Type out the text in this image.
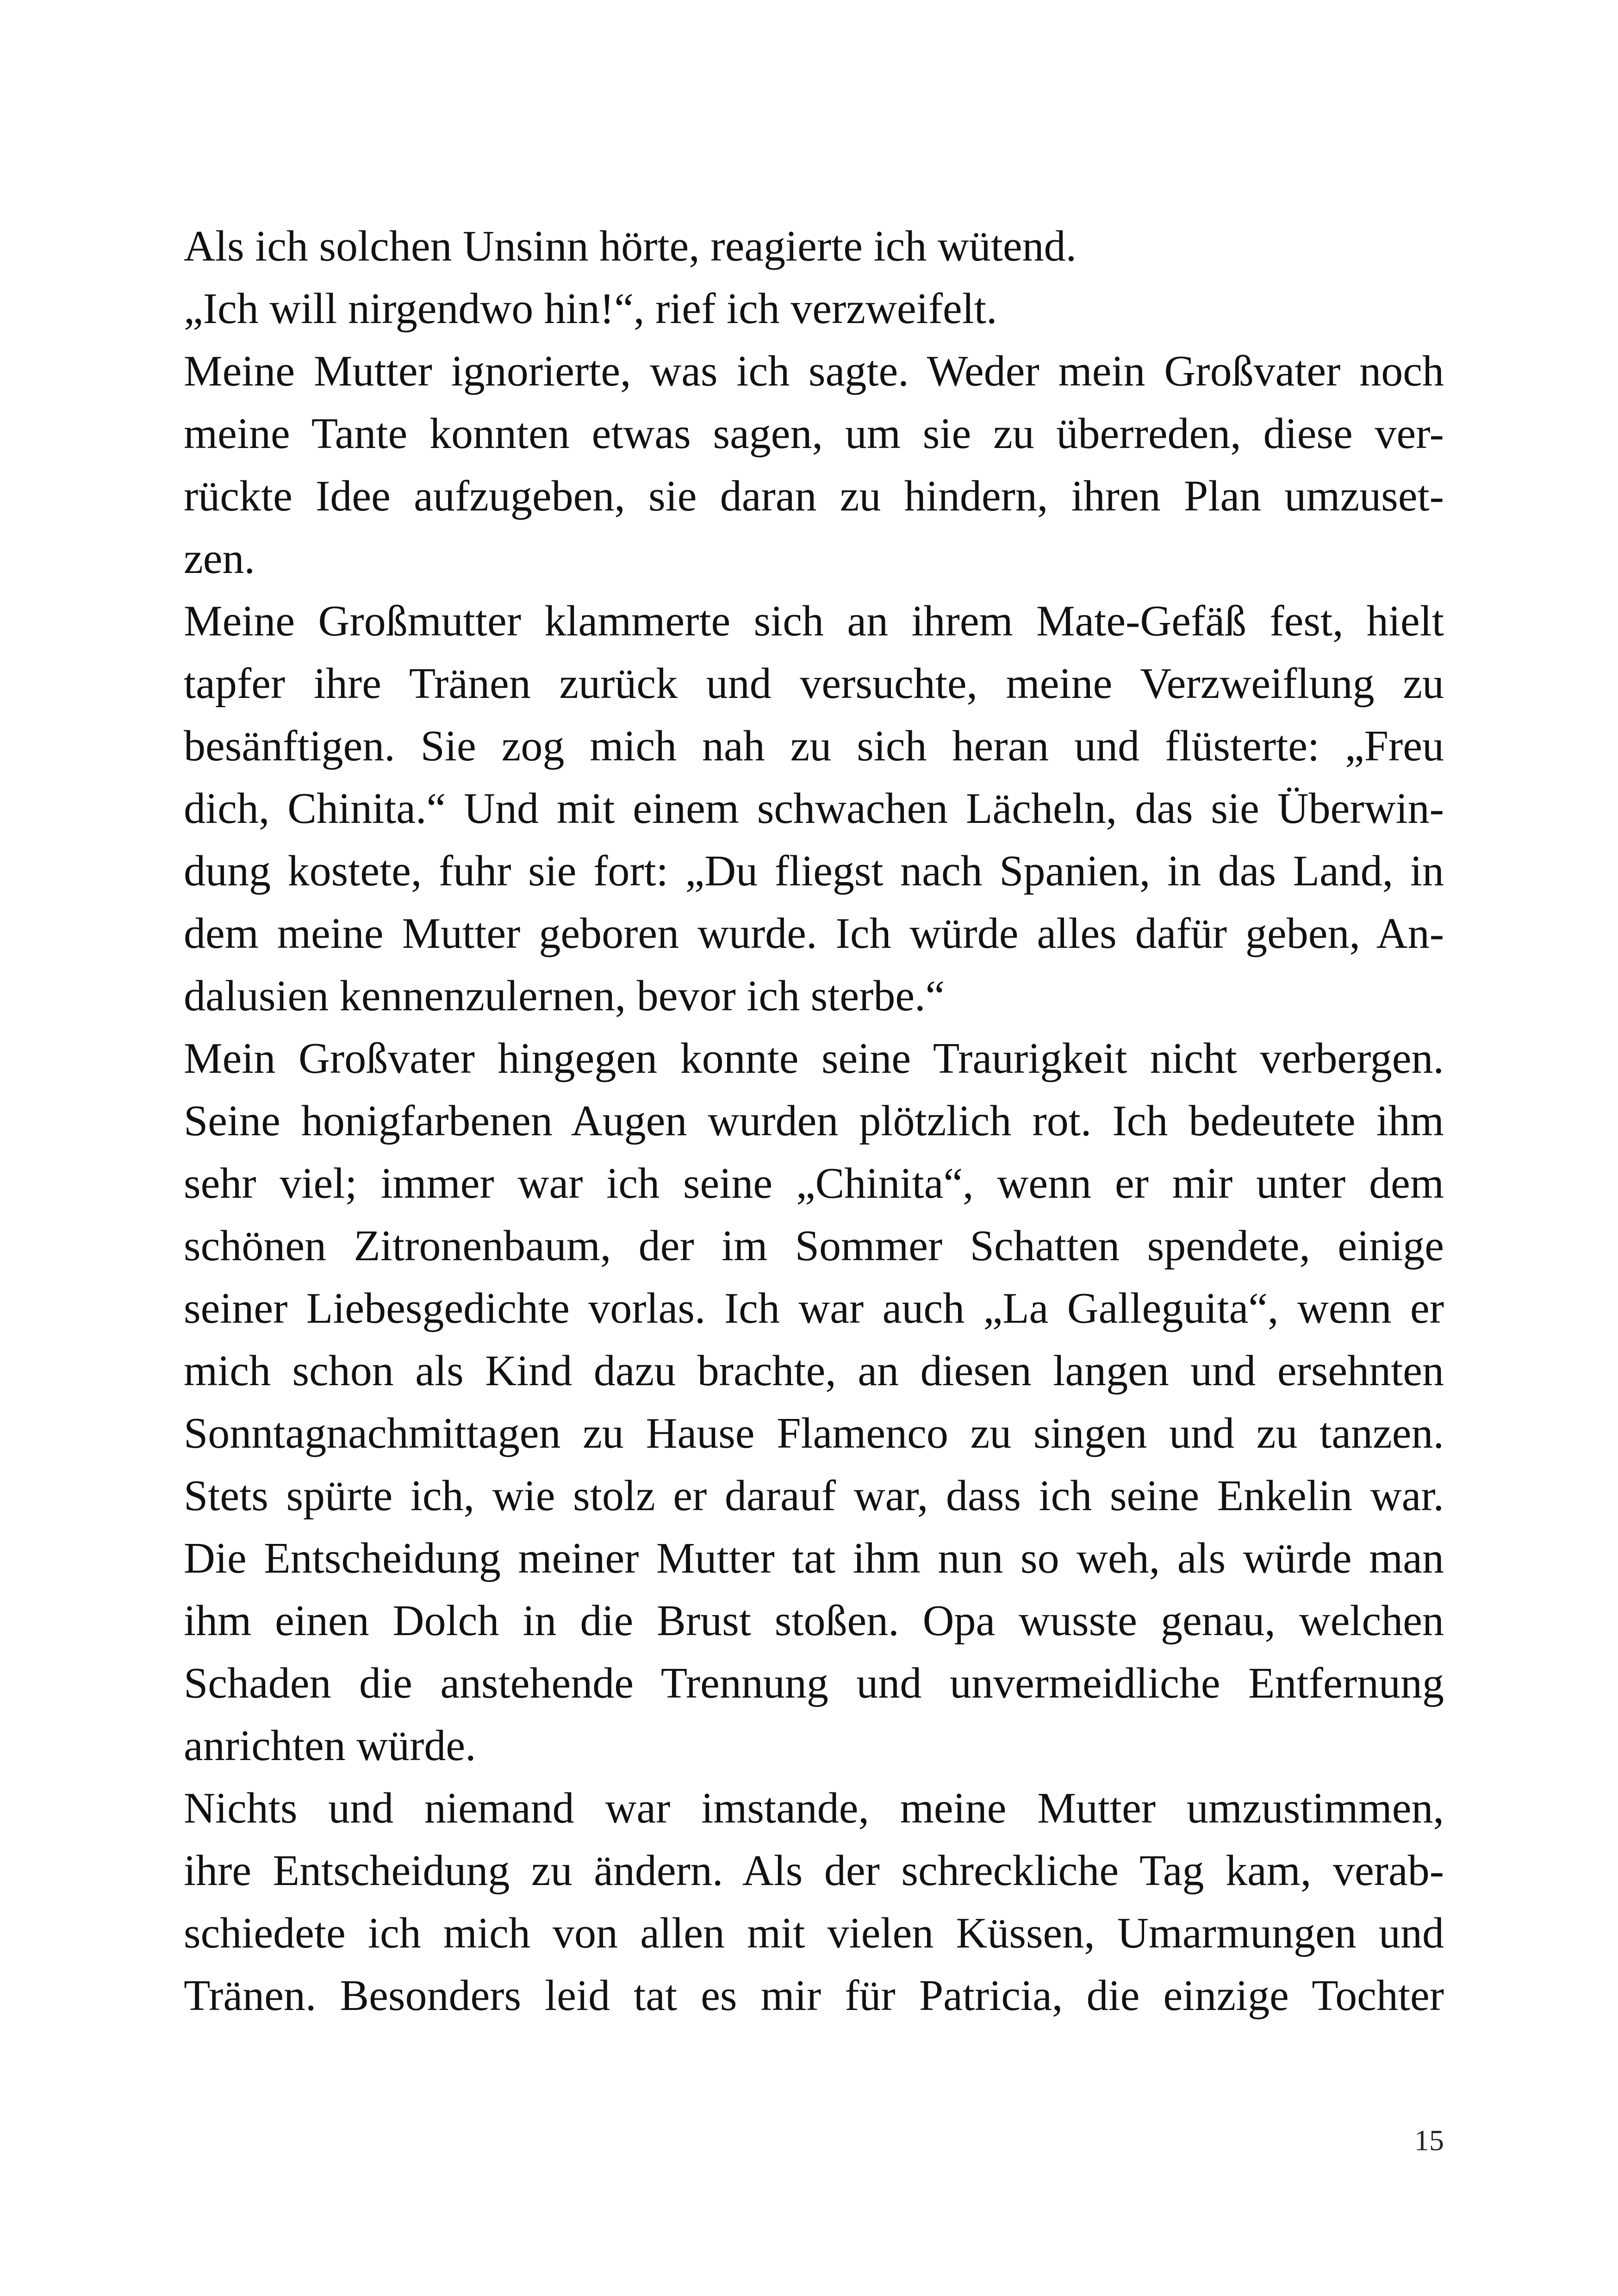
Als ich solchen Unsinn hörte, reagierte ich wütend.
„Ich will nirgendwo hin!“, rief ich verzweifelt.
Meine Mutter ignorierte, was ich sagte. Weder mein Großvater noch
meine Tante konnten etwas sagen, um sie zu überreden, diese ver-
rückte Idee aufzugeben, sie daran zu hindern, ihren Plan umzuset-
zen.
Meine Großmutter klammerte sich an ihrem Mate-Gefäß fest, hielt
tapfer ihre Tränen zurück und versuchte, meine Verzweiflung zu
besänftigen. Sie zog mich nah zu sich heran und flüsterte: „Freu
dich, Chinita.“ Und mit einem schwachen Lächeln, das sie Überwin-
dung kostete, fuhr sie fort: „Du fliegst nach Spanien, in das Land, in
dem meine Mutter geboren wurde. Ich würde alles dafür geben, An-
dalusien kennenzulernen, bevor ich sterbe.“
Mein Großvater hingegen konnte seine Traurigkeit nicht verbergen.
Seine honigfarbenen Augen wurden plötzlich rot. Ich bedeutete ihm
sehr viel; immer war ich seine „Chinita“, wenn er mir unter dem
schönen Zitronenbaum, der im Sommer Schatten spendete, einige
seiner Liebesgedichte vorlas. Ich war auch „La Galleguita“, wenn er
mich schon als Kind dazu brachte, an diesen langen und ersehnten
Sonntagnachmittagen zu Hause Flamenco zu singen und zu tanzen.
Stets spürte ich, wie stolz er darauf war, dass ich seine Enkelin war.
Die Entscheidung meiner Mutter tat ihm nun so weh, als würde man
ihm einen Dolch in die Brust stoßen. Opa wusste genau, welchen
Schaden die anstehende Trennung und unvermeidliche Entfernung
anrichten würde.
Nichts und niemand war imstande, meine Mutter umzustimmen,
ihre Entscheidung zu ändern. Als der schreckliche Tag kam, verab-
schiedete ich mich von allen mit vielen Küssen, Umarmungen und
Tränen. Besonders leid tat es mir für Patricia, die einzige Tochter
15
